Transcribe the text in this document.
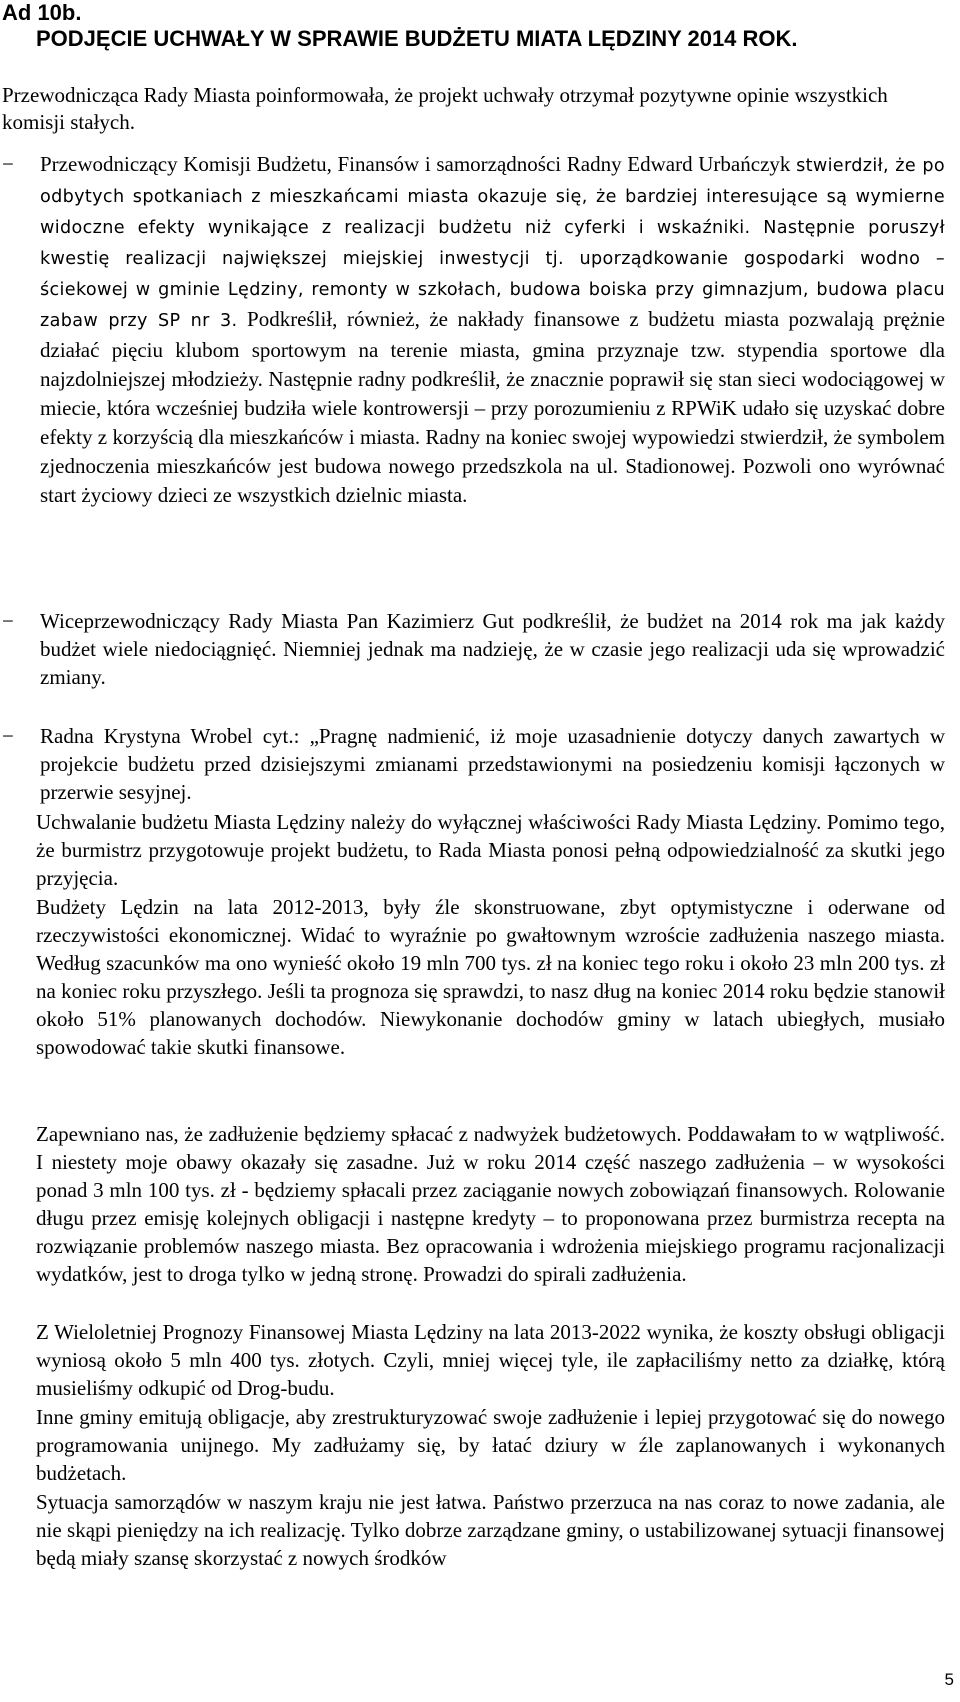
Ad 10b.
PODJĘCIE UCHWAŁY W SPRAWIE BUDŻETU MIATA LĘDZINY 2014 ROK.
Przewodnicząca Rady Miasta poinformowała, że projekt uchwały otrzymał pozytywne opinie wszystkich komisji stałych.
− Przewodniczący Komisji Budżetu, Finansów i samorządności Radny Edward Urbańczyk stwierdził, że po odbytych spotkaniach z mieszkańcami miasta okazuje się, że bardziej interesujące są wymierne widoczne efekty wynikające z realizacji budżetu niż cyferki i wskaźniki. Następnie poruszył kwestię realizacji największej miejskiej inwestycji tj. uporządkowanie gospodarki wodno – ściekowej w gminie Lędziny, remonty w szkołach, budowa boiska przy gimnazjum, budowa placu zabaw przy SP nr 3. Podkreślił, również, że nakłady finansowe z budżetu miasta pozwalają prężnie działać pięciu klubom sportowym na terenie miasta, gmina przyznaje tzw. stypendia sportowe dla najzdolniejszej młodzieży. Następnie radny podkreślił, że znacznie poprawił się stan sieci wodociągowej w miecie, która wcześniej budziła wiele kontrowersji – przy porozumieniu z RPWiK udało się uzyskać dobre efekty z korzyścią dla mieszkańców i miasta. Radny na koniec swojej wypowiedzi stwierdził, że symbolem zjednoczenia mieszkańców jest budowa nowego przedszkola na ul. Stadionowej. Pozwoli ono wyrównać start życiowy dzieci ze wszystkich dzielnic miasta.
− Wiceprzewodniczący Rady Miasta Pan Kazimierz Gut podkreślił, że budżet na 2014 rok ma jak każdy budżet wiele niedociągnięć. Niemniej jednak ma nadzieję, że w czasie jego realizacji uda się wprowadzić zmiany.
− Radna Krystyna Wrobel cyt.: „Pragnę nadmienić, iż moje uzasadnienie dotyczy danych zawartych w projekcie budżetu przed dzisiejszymi zmianami przedstawionymi na posiedzeniu komisji łączonych w przerwie sesyjnej.
Uchwalanie budżetu Miasta Lędziny należy do wyłącznej właściwości Rady Miasta Lędziny. Pomimo tego, że burmistrz przygotowuje projekt budżetu, to Rada Miasta ponosi pełną odpowiedzialność za skutki jego przyjęcia.
Budżety Lędzin na lata 2012-2013, były źle skonstruowane, zbyt optymistyczne i oderwane od rzeczywistości ekonomicznej. Widać to wyraźnie po gwałtownym wzroście zadłużenia naszego miasta. Według szacunków ma ono wynieść około 19 mln 700 tys. zł na koniec tego roku i około 23 mln 200 tys. zł na koniec roku przyszłego. Jeśli ta prognoza się sprawdzi, to nasz dług na koniec 2014 roku będzie stanowił około 51% planowanych dochodów. Niewykonanie dochodów gminy w latach ubiegłych, musiało spowodować takie skutki finansowe.
Zapewniano nas, że zadłużenie będziemy spłacać z nadwyżek budżetowych. Poddawałam to w wątpliwość. I niestety moje obawy okazały się zasadne. Już w roku 2014 część naszego zadłużenia – w wysokości ponad 3 mln 100 tys. zł - będziemy spłacali przez zaciąganie nowych zobowiązań finansowych. Rolowanie długu przez emisję kolejnych obligacji i następne kredyty – to proponowana przez burmistrza recepta na rozwiązanie problemów naszego miasta. Bez opracowania i wdrożenia miejskiego programu racjonalizacji wydatków, jest to droga tylko w jedną stronę. Prowadzi do spirali zadłużenia.
Z Wieloletniej Prognozy Finansowej Miasta Lędziny na lata 2013-2022 wynika, że koszty obsługi obligacji wyniosą około 5 mln 400 tys. złotych. Czyli, mniej więcej tyle, ile zapłaciliśmy netto za działkę, którą musieliśmy odkupić od Drog-budu.
Inne gminy emitują obligacje, aby zrestrukturyzować swoje zadłużenie i lepiej przygotować się do nowego programowania unijnego. My zadłużamy się, by łatać dziury w źle zaplanowanych i wykonanych budżetach.
Sytuacja samorządów w naszym kraju nie jest łatwa. Państwo przerzuca na nas coraz to nowe zadania, ale nie skąpi pieniędzy na ich realizację. Tylko dobrze zarządzane gminy, o ustabilizowanej sytuacji finansowej będą miały szansę skorzystać z nowych środków
5
